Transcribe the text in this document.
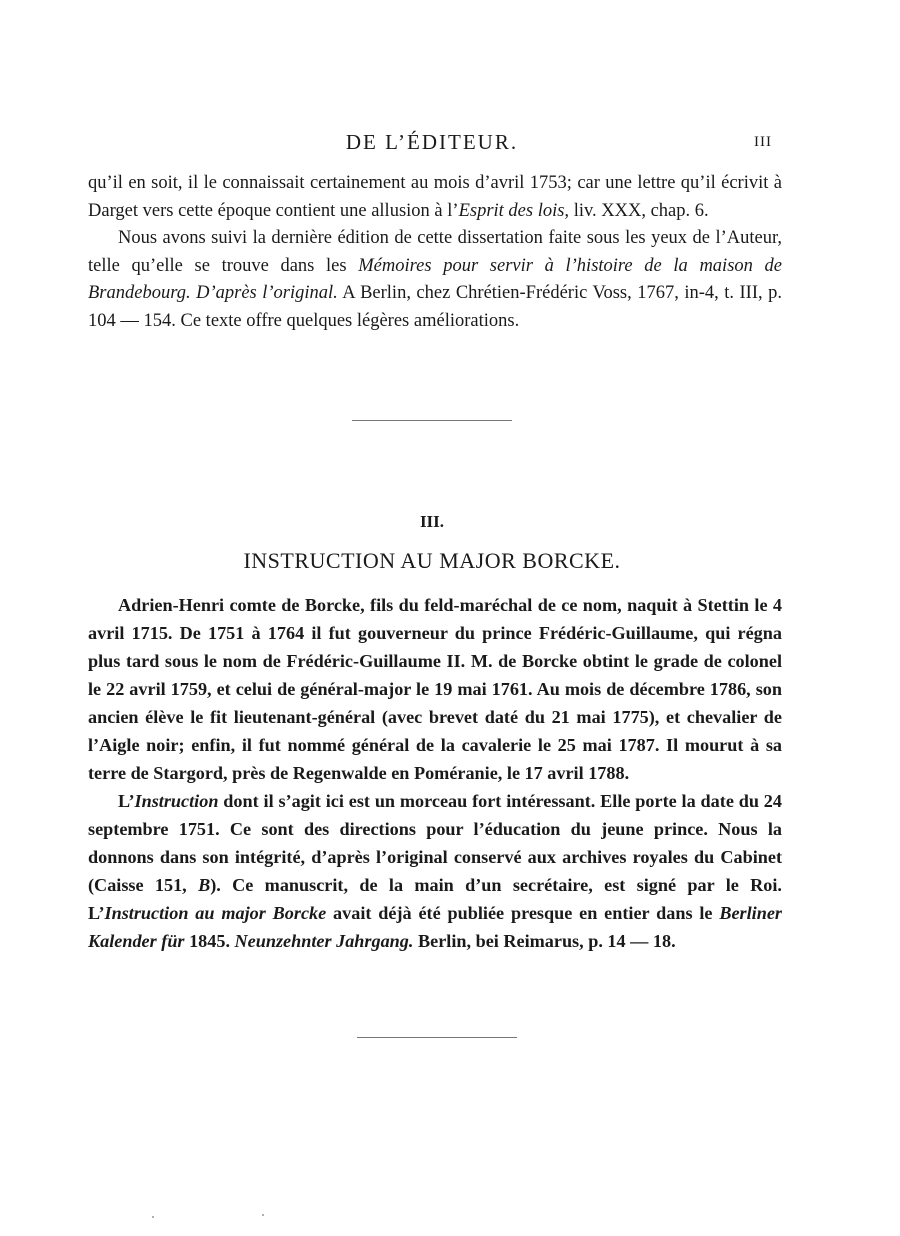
DE L’ÉDITEUR.	III

qu’il en soit, il le connaissait certainement au mois d’avril 1753; car une lettre qu’il écrivit à Darget vers cette époque contient une allusion à l’Esprit des lois, liv. XXX, chap. 6.

Nous avons suivi la dernière édition de cette dissertation faite sous les yeux de l’Auteur, telle qu’elle se trouve dans les Mémoires pour servir à l’histoire de la maison de Brandebourg. D’après l’original. A Berlin, chez Chrétien-Frédéric Voss, 1767, in-4, t. III, p. 104 — 154. Ce texte offre quelques légères améliorations.

III.
INSTRUCTION AU MAJOR BORCKE.

Adrien-Henri comte de Borcke, fils du feld-maréchal de ce nom, naquit à Stettin le 4 avril 1715. De 1751 à 1764 il fut gouverneur du prince Frédéric-Guillaume, qui régna plus tard sous le nom de Frédéric-Guillaume II. M. de Borcke obtint le grade de colonel le 22 avril 1759, et celui de général-major le 19 mai 1761. Au mois de décembre 1786, son ancien élève le fit lieutenant-général (avec brevet daté du 21 mai 1775), et chevalier de l’Aigle noir; enfin, il fut nommé général de la cavalerie le 25 mai 1787. Il mourut à sa terre de Stargord, près de Regenwalde en Poméranie, le 17 avril 1788.

L’Instruction dont il s’agit ici est un morceau fort intéressant. Elle porte la date du 24 septembre 1751. Ce sont des directions pour l’éducation du jeune prince. Nous la donnons dans son intégrité, d’après l’original conservé aux archives royales du Cabinet (Caisse 151, B). Ce manuscrit, de la main d’un secrétaire, est signé par le Roi. L’Instruction au major Borcke avait déjà été publiée presque en entier dans le Berliner Kalender für 1845. Neunzehnter Jahrgang. Berlin, bei Reimarus, p. 14 — 18.
